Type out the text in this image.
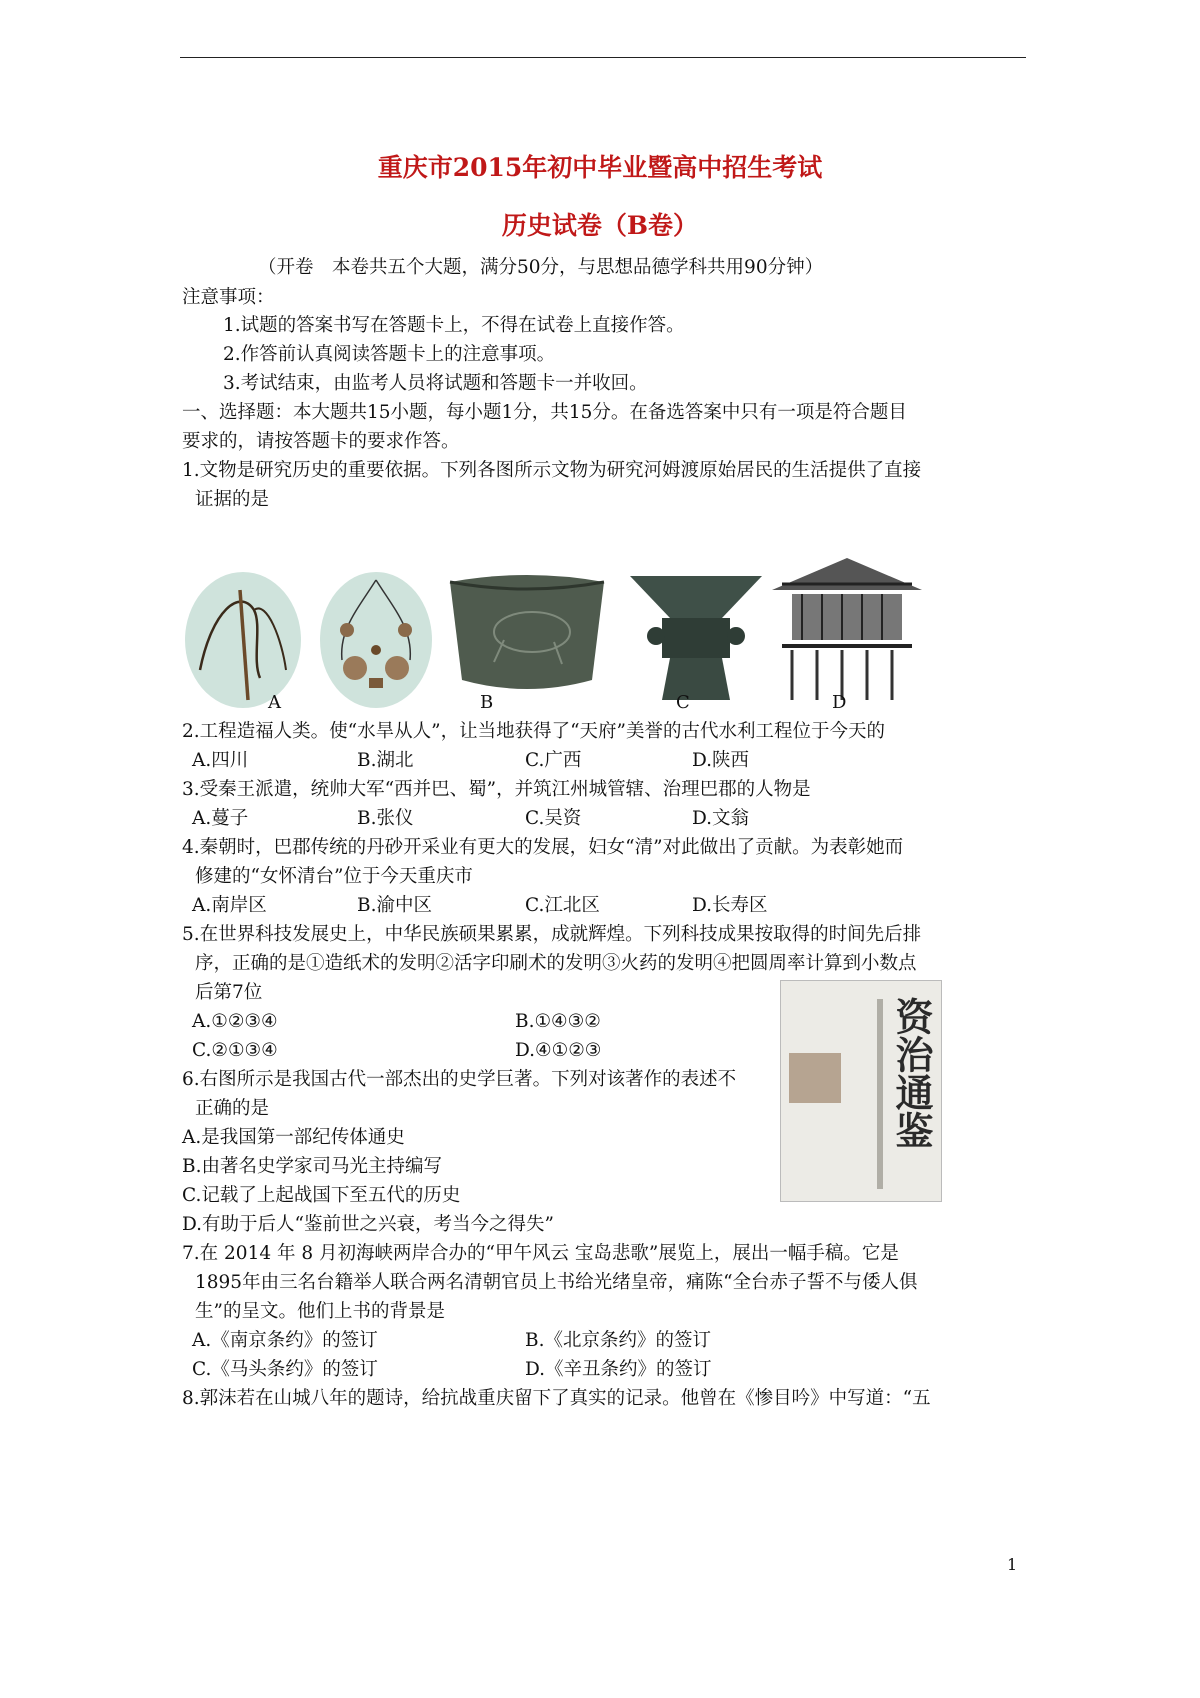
重庆市2015年初中毕业暨高中招生考试
历史试卷（B卷）
（开卷　本卷共五个大题，满分50分，与思想品德学科共用90分钟）
注意事项：
1.试题的答案书写在答题卡上，不得在试卷上直接作答。
2.作答前认真阅读答题卡上的注意事项。
3.考试结束，由监考人员将试题和答题卡一并收回。
一、选择题：本大题共15小题，每小题1分，共15分。在备选答案中只有一项是符合题目
要求的，请按答题卡的要求作答。
1.文物是研究历史的重要依据。下列各图所示文物为研究河姆渡原始居民的生活提供了直接
证据的是
A	B	C	D
2.工程造福人类。使“水旱从人”，让当地获得了“天府”美誉的古代水利工程位于今天的
A.四川	B.湖北	C.广西	D.陕西
3.受秦王派遣，统帅大军“西并巴、蜀”，并筑江州城管辖、治理巴郡的人物是
A.蔓子	B.张仪	C.吴资	D.文翁
4.秦朝时，巴郡传统的丹砂开采业有更大的发展，妇女“清”对此做出了贡献。为表彰她而
修建的“女怀清台”位于今天重庆市
A.南岸区	B.渝中区	C.江北区	D.长寿区
5.在世界科技发展史上，中华民族硕果累累，成就辉煌。下列科技成果按取得的时间先后排
序，正确的是①造纸术的发明②活字印刷术的发明③火药的发明④把圆周率计算到小数点
后第7位
A.①②③④	B.①④③②
C.②①③④	D.④①②③	资治通鉴
6.右图所示是我国古代一部杰出的史学巨著。下列对该著作的表述不
正确的是
A.是我国第一部纪传体通史
B.由著名史学家司马光主持编写
C.记载了上起战国下至五代的历史
D.有助于后人“鉴前世之兴衰，考当今之得失”
7.在 2014 年 8 月初海峡两岸合办的“甲午风云 宝岛悲歌”展览上，展出一幅手稿。它是
1895年由三名台籍举人联合两名清朝官员上书给光绪皇帝，痛陈“全台赤子誓不与倭人俱
生”的呈文。他们上书的背景是
A.《南京条约》的签订	B.《北京条约》的签订
C.《马头条约》的签订	D.《辛丑条约》的签订
8.郭沫若在山城八年的题诗，给抗战重庆留下了真实的记录。他曾在《惨目吟》中写道：“五
1
